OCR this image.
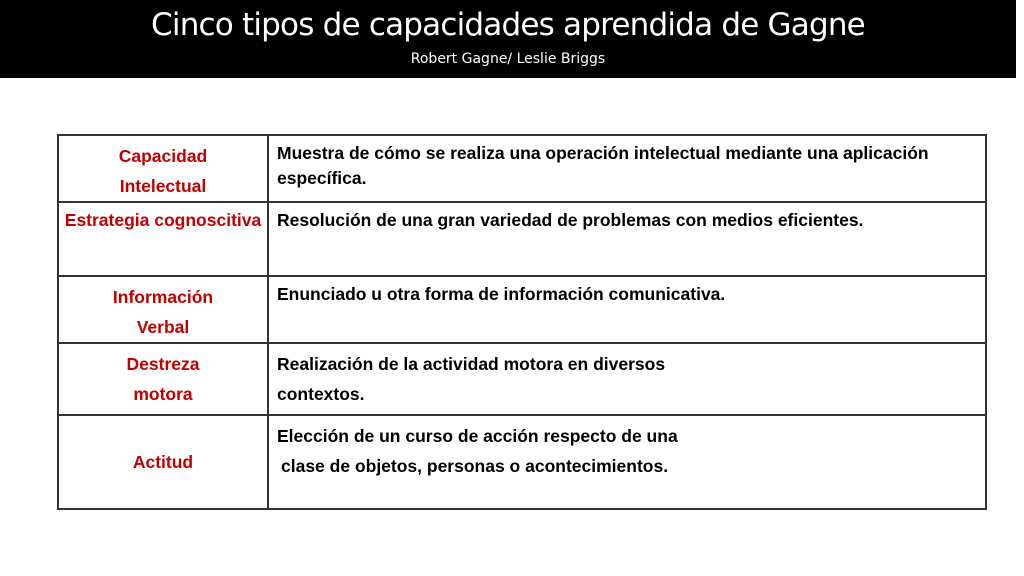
Cinco tipos de capacidades aprendida de Gagne
Robert Gagne/ Leslie Briggs
Capacidad
Intelectual	Muestra de cómo se realiza una operación intelectual mediante una aplicación específica.

Estrategia cognoscitiva	Resolución de una gran variedad de problemas con medios eficientes.

Información
Verbal	Enunciado u otra forma de información comunicativa.

Destreza
motora	Realización de la actividad motora en diversos
contextos.

Actitud	Elección de un curso de acción respecto de una
clase de objetos, personas o acontecimientos.
